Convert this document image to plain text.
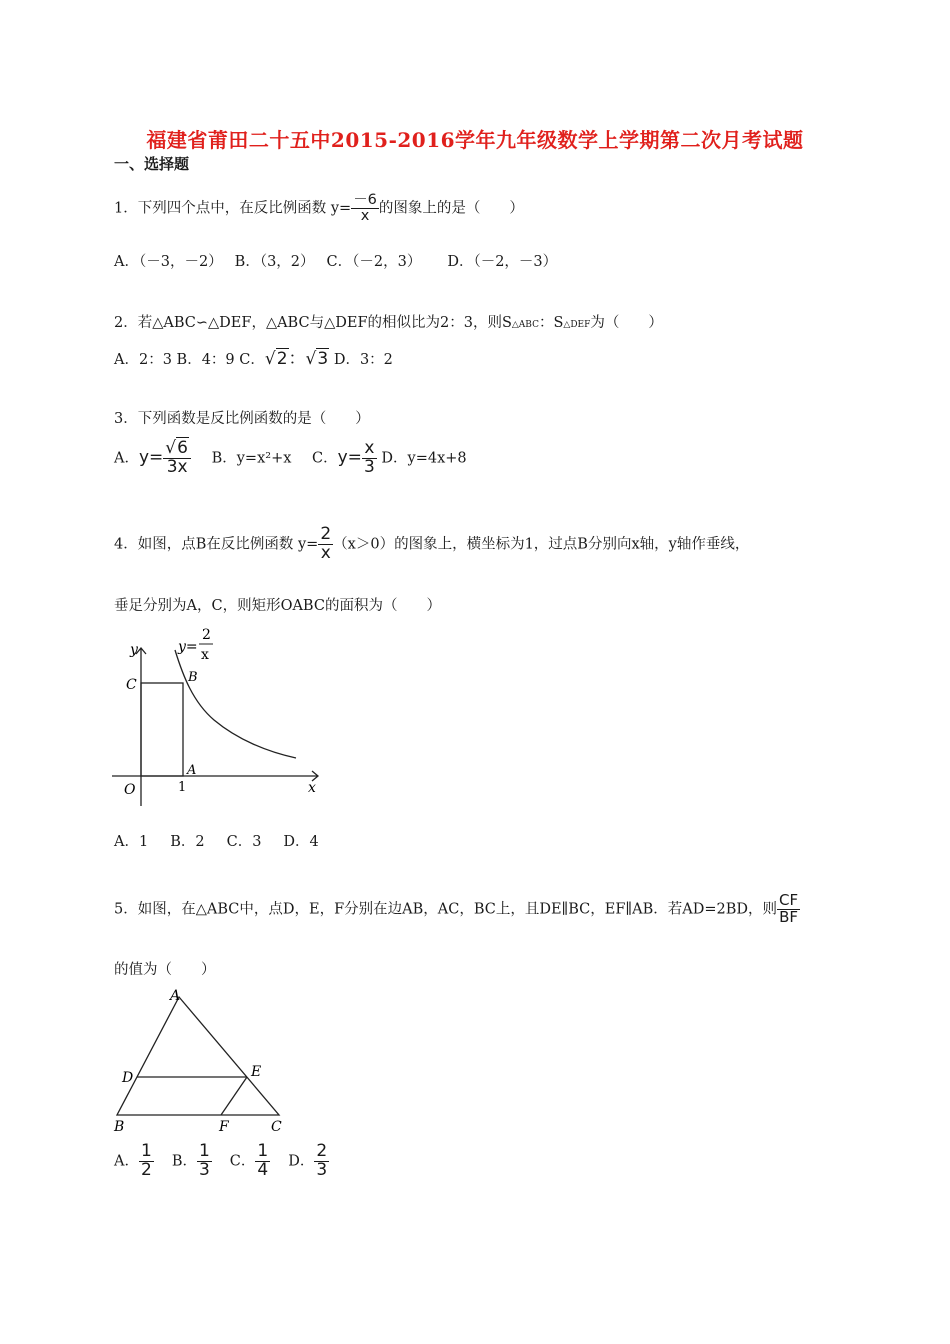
福建省莆田二十五中2015-2016学年九年级数学上学期第二次月考试题
一、选择题
1．下列四个点中，在反比例函数 $y= \frac{-6}{x}$ 的图象上的是（　　）
A．（－3，－2） B．（3，2） C．（－2，3） D．（－2，－3）
2．若△ABC∽△DEF，△ABC与△DEF的相似比为2：3，则S△ABC：S△DEF为（　　）
A．2：3 B．4：9 C．√2：√3 D．3：2
3．下列函数是反比例函数的是（　　）
A．$y= \frac{√6}{3x}$ B．y=x²+x C．$y= \frac{x}{3}$ D．y=4x+8
4．如图，点B在反比例函数 $y= \frac{2}{x} (x>0)$的图象上，横坐标为1，过点B分别向x轴，y轴作垂线，
垂足分别为A，C，则矩形OABC的面积为（　　）
y
x
O
A
B
C
1
y=
2
x
A．1 B．2 C．3 D．4
5．如图，在△ABC中，点D，E，F分别在边AB，AC，BC上，且DE∥BC，EF∥AB．若AD=2BD，则 $\frac{CF}{BF}$
的值为（　　）
A
B	C
D	E
F
A． $\frac{1}{2}$ B． $\frac{1}{3}$ C． $\frac{1}{4}$ D． $\frac{2}{3}$
